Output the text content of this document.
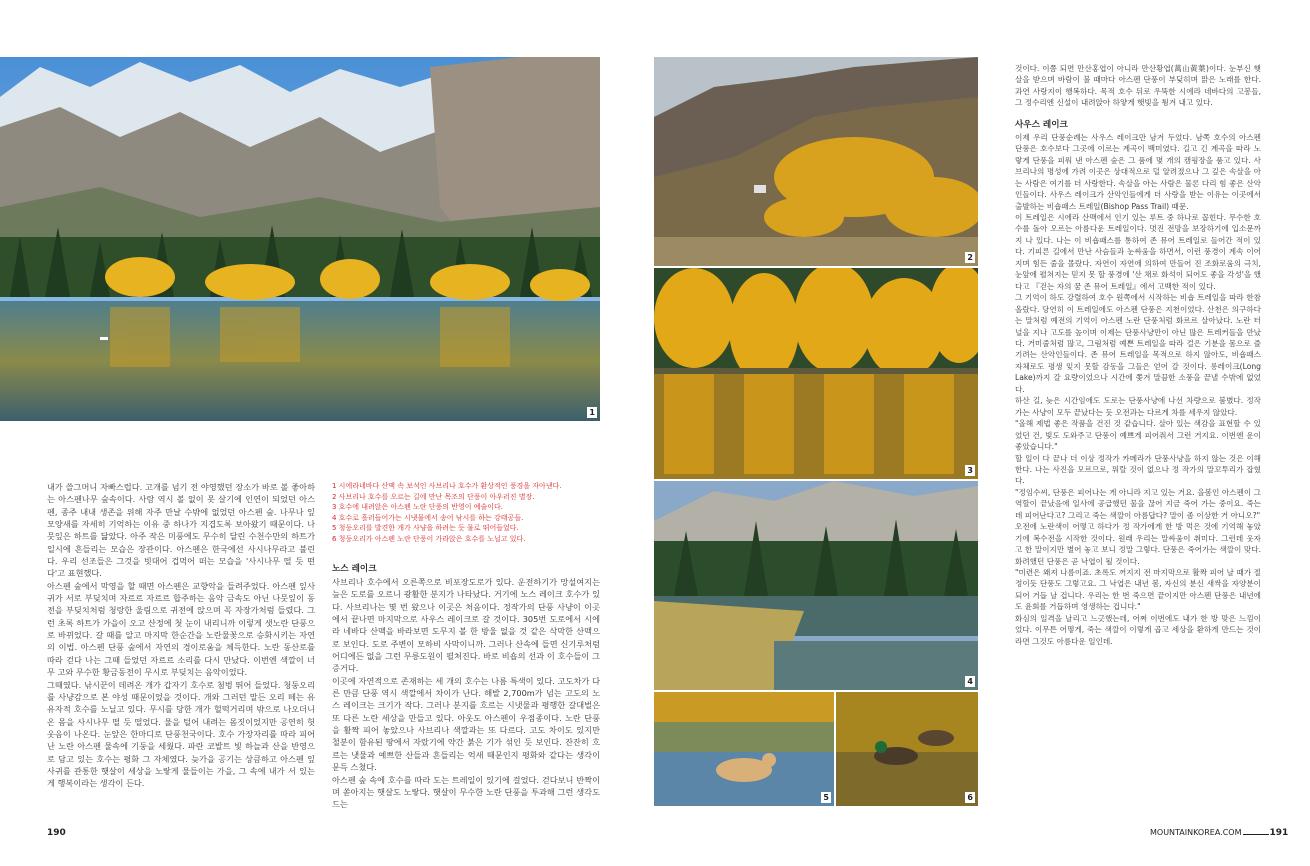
1
2
3
4
5	6

내가 쓸그머니 자빠스럽다. 고개를 넘기 전 야영했던 장소가 바로 볼 좋아하는 아스펜나무 숲속이다. 사람 역시 볼 없이 못 살기에 인연이 되었던 아스펜, 종주 내내 생존을 위해 자주 만날 수밖에 없었던 아스펜 숲. 나무나 잎 모양새를 자세히 기억하는 이유 중 하나가 지겹도록 보아왔기 때문이다. 나뭇잎은 하트를 닮았다. 아주 작은 미풍에도 무수히 달린 수천수만의 하트가 일시에 흔들리는 모습은 장관이다. 아스펜은 한국에선 사시나무라고 불린다. 우리 선조들은 그것을 빗대어 겁먹어 떠는 모습을 '사시나무 떨 듯 떤다'고 표현했다.

아스펜 숲에서 막영을 할 때면 아스펜은 교향악을 들려주었다. 아스펜 잎사귀가 서로 부딪치며 자르르 자르르 합주하는 음악 금속도 아닌 나뭇잎이 동전을 부딪치처럼 청랑한 울림으로 귀전에 앉으며 꼭 자장가처럼 들렸다. 그런 초록 하트가 가을이 오고 산정에 첫 눈이 내리니까 이렇게 샛노란 단풍으로 바뀌었다. 갈 때를 알고 마지막 한순간을 노란물꽃으로 승화시키는 자연의 이법. 아스펜 단풍 숲에서 자연의 경이로움을 체득한다. 노란 동산로를 따라 걷다 나는 그때 들었던 자르르 소리를 다시 만났다. 이번엔 색깔이 너무 고와 무수한 황금동전이 무시로 부딪치는 음악이었다.

그때였다. 낚시꾼이 데려온 개가 갑자기 호수로 첨벙 뛰어 들었다. 청둥오리를 사냥감으로 본 야성 때문이었을 것이다. 개와 그러던 말든 오리 떼는 유유자적 호수를 노닐고 있다. 무시를 당한 개가 헐떡거리며 밖으로 나오더니 온 몸을 사시나무 떨 듯 떨었다. 물을 털어 내려는 몸짓이었지만 공연히 헛웃음이 나온다. 눈앞은 한마디로 단풍천국이다. 호수 가장자리를 따라 피어난 노란 아스펜 물속에 기둥을 세웠다. 파란 코발트 빛 하늘과 산을 반영으로 담고 있는 호수는 평화 그 자체였다. 늦가을 공기는 상큼하고 아스펜 잎사귀를 관통한 햇살이 세상을 노랗게 물들이는 가을, 그 속에 내가 서 있는 게 행복이라는 생각이 든다.

1 시에라네바다 산맥 속 보석인 사브리나 호수가 환상적인 풍경을 자아낸다.
2 사브리나 호수를 오르는 길에 만난 목조의 단풍이 아우러진 별장.
3 호수에 내려앉은 아스펜 노란 단풍의 반영이 예술이다.
4 호수로 흘러들어가는 시냇물에서 송어 낚시를 하는 강태공들.
5 청둥오리를 발견한 개가 사냥을 하려는 듯 물로 뛰어들었다.
6 청둥오리가 아스펜 노란 단풍이 가라앉은 호수를 노닐고 있다.
노스 레이크

사브리나 호수에서 오른쪽으로 비포장도로가 있다. 운전하기가 망설여지는 늪은 도로를 오르니 광활한 분지가 나타났다. 거기에 노스 레이크 호수가 있다. 사브리나는 몇 번 왔으나 이곳은 처음이다. 정작가의 단풍 사냥이 이곳에서 끝나면 마지막으로 사우스 레이크로 갈 것이다. 305번 도로에서 시에라 네바다 산맥을 바라보면 도무지 볼 한 방울 없을 것 같은 삭막한 산맥으로 보인다. 도로 주변이 모하비 사막이니까. 그러나 산속에 들면 신기루처럼 어디에든 없을 그런 무릉도원이 펼쳐진다. 바로 비숍의 선과 이 호수들이 그 증거다.

이곳에 자연적으로 존재하는 세 개의 호수는 나름 특색이 있다. 고도차가 다른 만큼 단풍 역시 색깔에서 차이가 난다. 해발 2,700m가 넘는 고도의 노스 레이크는 크기가 작다. 그러나 분지를 흐르는 시냇물과 평행한 갈대벌은 또 다른 노란 세상을 만들고 있다. 아웃도 아스펜이 우점종이다. 노란 단풍을 활짝 피어 놓았으나 사브리나 색깔과는 또 다르다. 고도 차이도 있지만 철분이 함유된 땅에서 자랐기에 약간 붉은 기가 섞인 듯 보인다. 잔잔히 흐르는 냇물과 예쁘한 산들과 흔들리는 억새 때문인지 평화와 같다는 생각이 문득 스쳤다.

아스펜 숲 속에 호수를 따라 도는 트레일이 있기에 걸었다. 걷다보니 반짝이며 쏟아지는 햇살도 노랗다. 햇살이 무수한 노란 단풍을 투과해 그런 생각도 드는

것이다. 이쯤 되면 만산홍엽이 아니라 만산황엽(萬山黃葉)이다. 눈부신 햇살을 받으며 바람이 불 때마다 아스펜 단풍이 부딪히며 맑은 노래를 한다. 과연 사랑지이 행복하다. 목적 호수 뒤로 우뚝한 시에라 네바다의 고봉들, 그 정수리엔 신설이 내려앉아 하얗게 햇빛을 튕겨 내고 있다.

사우스 레이크

이제 우리 단풍순례는 사우스 레이크만 남겨 두었다. 남쪽 호수의 아스펜 단풍은 호수보다 그곳에 이르는 계곡이 백미였다. 길고 긴 계곡을 따라 노랗게 단풍을 피워 낸 아스펜 숲은 그 품에 몇 개의 캠핑장을 품고 있다. 사브리나의 명성에 가려 이곳은 상대적으로 덜 알려졌으나 그 깊은 속살을 아는 사람은 여기를 더 사랑한다. 속살을 아는 사람은 물론 다리 힘 좋은 산악인들이다. 사우스 레이크가 산악인들에게 더 사랑을 받는 이유는 이곳에서 출발하는 비숍패스 트레일(Bishop Pass Trail) 때문.

이 트레일은 시에라 산맥에서 인기 있는 루트 중 하나로 꼽힌다. 무수한 호수를 돌아 오르는 아름다운 트레일이다. 멋진 전망을 보장하기에 입소문까지 나 있다. 나는 이 비숍패스를 통하여 존 뮤어 트레일로 들어간 적이 있다. 기피른 길에서 만난 사슴들과 눈싸움을 하면서, 이런 풍경이 계속 이어지며 힘든 줄을 몰랐다. 자연이 자연에 의하여 만들어 진 조화로움의 극치, 눈앞에 펼쳐지는 믿지 못 할 풍경에 '산 채로 화석이 되어도 좋을 각성'을 했다고 『걷는 자의 꿈 존 뮤어 트레일』에서 고백한 적이 있다.

그 기억이 하도 강렬하여 호수 원쪽에서 시작하는 비숍 트레일을 따라 한참 올랐다. 당연히 이 트레일에도 아스펜 단풍은 지천이었다. 산천은 의구하다는 말처럼 예전의 기억이 아스펜 노란 단풍처럼 화르르 살아났다. 노란 터널을 지나 고도를 높이며 이제는 단풍사냥만이 아닌 많은 트레커들을 만났다. 거미줄처럼 많고, 그림처럼 예쁜 트레일을 따라 걸은 기분을 몸으로 즐기려는 산악인들이다. 존 뮤어 트레일을 목적으로 하지 않아도, 비숍패스 자체로도 평생 잊지 못할 감동을 그들은 얻어 갈 것이다. 롱레이크(Long Lake)까지 갈 요량이었으나 시간에 쫓겨 말끔한 소풍을 끝낼 수밖에 없었다.

하산 길, 늦은 시간임에도 도로는 단풍사냥에 나선 차량으로 붐볐다. 정작가는 사냥이 모두 끝났다는 듯 오전과는 다르게 차를 세우지 않았다.

"올해 제법 좋은 작품을 건진 것 같습니다. 살아 있는 색감을 표현할 수 있었던 건, 빛도 도와주고 단풍이 예쁘게 피어줘서 그런 거지요. 이번엔 운이 좋았습니다."

할 일이 다 끝나 더 이상 정작가 카메라가 단풍사냥을 하지 않는 것은 이해한다. 나는 사진을 모르므로, 뭐랄 것이 없으나 정 작가의 말꼬투리가 잡혔다.

"정임수씨, 단풍은 피어나는 게 아니라 지고 있는 거요. 을봄인 아스펜이 그 역할이 끝났음에 일사에 공급했던 물을 끊어 지금 죽어 가는 중이요. 죽는 데 피어난다고? 그리고 죽는 색깔이 아름답다? 말이 좀 이상한 거 아니오?"

오전에 노란색이 어떻고 하다가 정 작가에게 한 방 먹은 것에 기억해 놓았기에 복수전을 시작한 것이다. 원래 우리는 말싸움이 취미다. 그런데 웃자고 한 말이지만 별어 놓고 보니 정말 그렇다. 단풍은 죽어가는 색깔이 맞다. 화려했던 단풍은 곧 낙엽이 될 것이다.

"미련은 왜져 나름이죠. 초록도 꺼지지 전 마지막으로 활짝 피어 날 때가 절정이듯 단풍도 그렇고요. 그 낙엽은 내년 봄, 자신의 분신 새싹을 자양분이 되어 거듭 날 겁니다. 우리는 한 번 죽으면 끝이지만 아스펜 단풍은 내년에도 윤회를 거듭하며 영생하는 겁니다."

화심의 일격을 날리고 느긋했는데, 어쩌 이번에도 내가 한 방 맞은 느낌이었다. 이무튼 어떻게, 죽는 색깔이 이렇게 곱고 세상을 환하게 만드는 것이라면 그것도 아름다운 일인데.

190	MOUNTAINKOREA.COM	191
